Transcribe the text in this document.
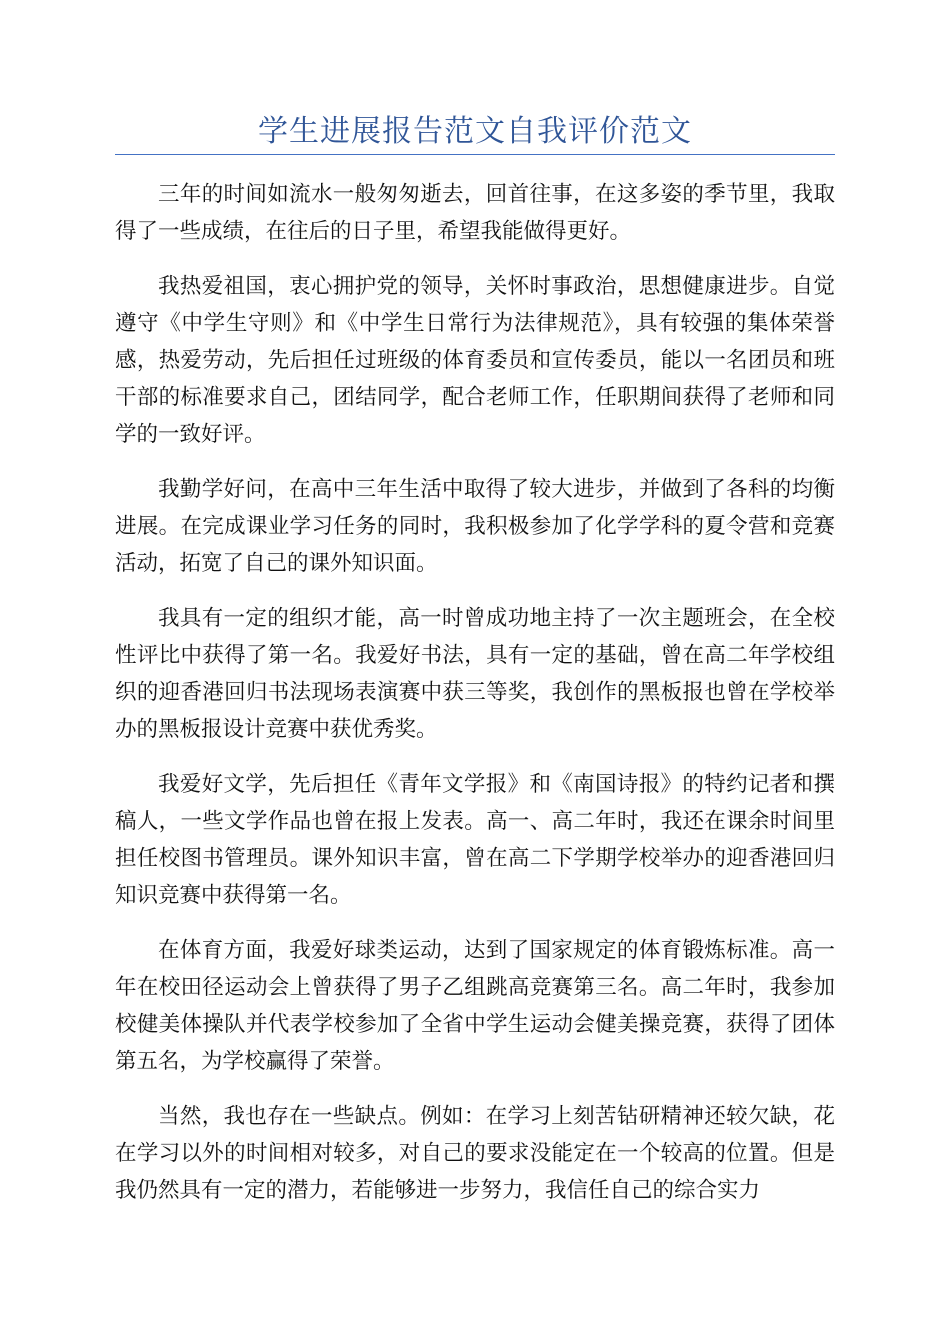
学生进展报告范文自我评价范文

三年的时间如流水一般匆匆逝去，回首往事，在这多姿的季节里，我取得了一些成绩，在往后的日子里，希望我能做得更好。

我热爱祖国，衷心拥护党的领导，关怀时事政治，思想健康进步。自觉遵守《中学生守则》和《中学生日常行为法律规范》，具有较强的集体荣誉感，热爱劳动，先后担任过班级的体育委员和宣传委员，能以一名团员和班干部的标准要求自己，团结同学，配合老师工作，任职期间获得了老师和同学的一致好评。

我勤学好问，在高中三年生活中取得了较大进步，并做到了各科的均衡进展。在完成课业学习任务的同时，我积极参加了化学学科的夏令营和竞赛活动，拓宽了自己的课外知识面。

我具有一定的组织才能，高一时曾成功地主持了一次主题班会，在全校性评比中获得了第一名。我爱好书法，具有一定的基础，曾在高二年学校组织的迎香港回归书法现场表演赛中获三等奖，我创作的黑板报也曾在学校举办的黑板报设计竞赛中获优秀奖。

我爱好文学，先后担任《青年文学报》和《南国诗报》的特约记者和撰稿人，一些文学作品也曾在报上发表。高一、高二年时，我还在课余时间里担任校图书管理员。课外知识丰富，曾在高二下学期学校举办的迎香港回归知识竞赛中获得第一名。

在体育方面，我爱好球类运动，达到了国家规定的体育锻炼标准。高一年在校田径运动会上曾获得了男子乙组跳高竞赛第三名。高二年时，我参加校健美体操队并代表学校参加了全省中学生运动会健美操竞赛，获得了团体第五名，为学校赢得了荣誉。

当然，我也存在一些缺点。例如：在学习上刻苦钻研精神还较欠缺，花在学习以外的时间相对较多，对自己的要求没能定在一个较高的位置。但是我仍然具有一定的潜力，若能够进一步努力，我信任自己的综合实力
